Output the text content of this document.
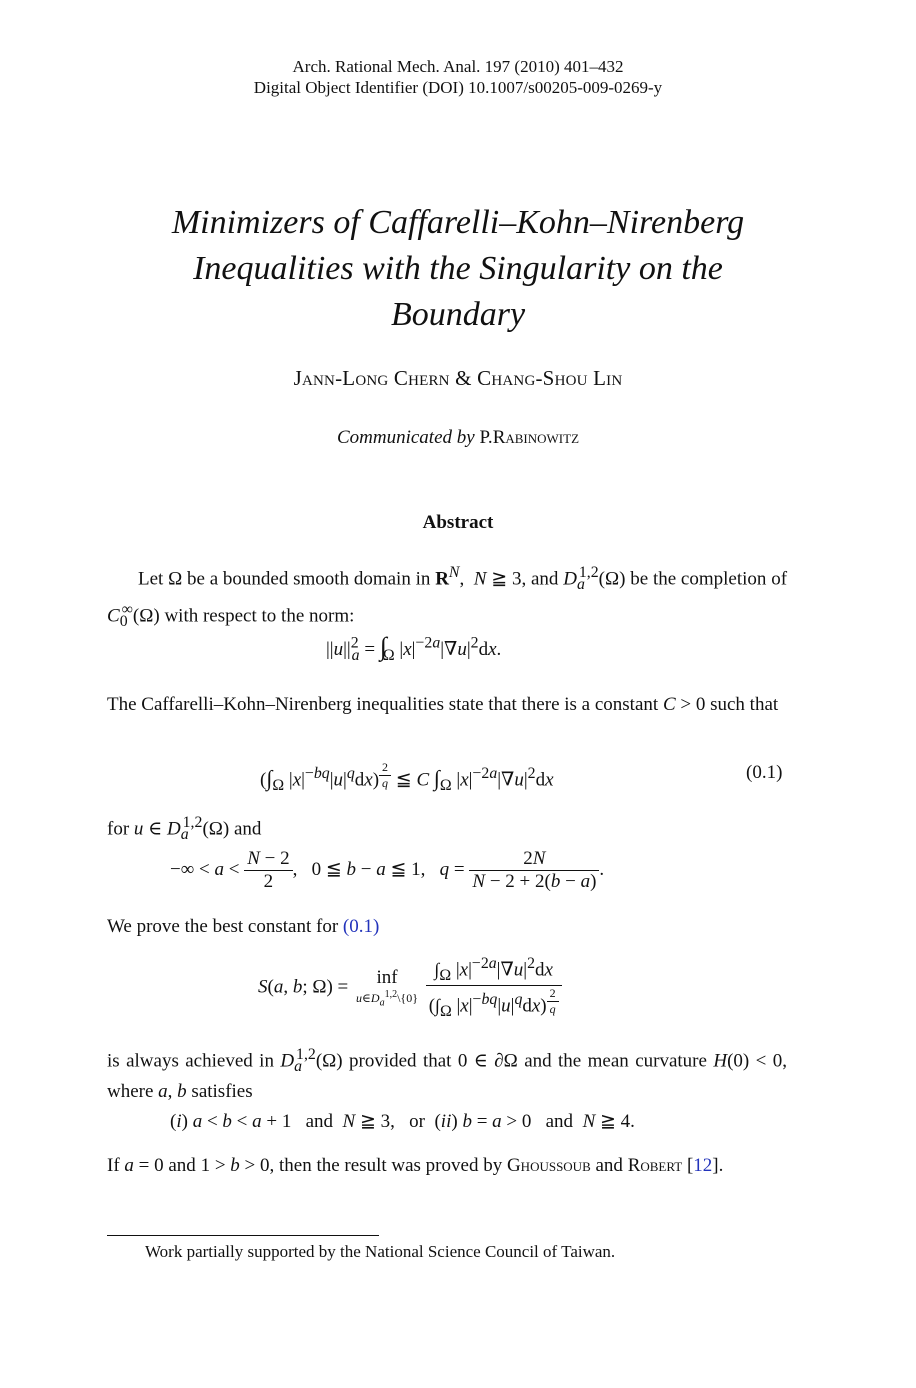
Arch. Rational Mech. Anal. 197 (2010) 401–432
Digital Object Identifier (DOI) 10.1007/s00205-009-0269-y
Minimizers of Caffarelli–Kohn–Nirenberg
Inequalities with the Singularity on the
Boundary
Jann-Long Chern & Chang-Shou Lin
Communicated by P.Rabinowitz
Abstract
Let Ω be a bounded smooth domain in $R^N$,  N ≧ 3, and $D_a^{1,2}(\Omega)$ be the completion of $C_0^\infty(\Omega)$ with respect to the norm:
$||u||^2_a = \int_\Omega$ $|x|^{-2a}|\nabla u|^2dx$.
The Caffarelli–Kohn–Nirenberg inequalities state that there is a constant C > 0 such that
($\int_\Omega$ $|x|^{-bq}|u|^qdx$) $^{\frac{2}{q}}$ ≦ C $\int_\Omega$ $|x|^{-2a}|\nabla u|^2dx$	(0.1)
for u ∈ $D_a^{1,2}(\Omega)$ and
−∞ < $a < \frac{N - 2}{2}$ ,   0 ≦ b − a ≦ 1,   $q = \frac{2N}{N - 2 + 2(b - a)}$ .
We prove the best constant for (0.1)
S(a, b; Ω) =	inf
$u\in D_a^{1,2}\backslash\{0\}$
$\int_\Omega$ $|x|^{-2a}|\nabla u|^2dx$
($\int_\Omega$ $|x|^{-bq}|u|^qdx$) $^{\frac{2}{q}}$
is always achieved in $D_a^{1,2}(\Omega)$ provided that 0 ∈ ∂Ω and the mean curvature H(0) < 0, where a, b satisfies
(i) a < b < a + 1   and N ≧ 3,   or  (ii) b = a > 0   and N ≧ 4.
If a = 0 and 1 > b > 0, then the result was proved by Ghoussoub and Robert [12].
Work partially supported by the National Science Council of Taiwan.
